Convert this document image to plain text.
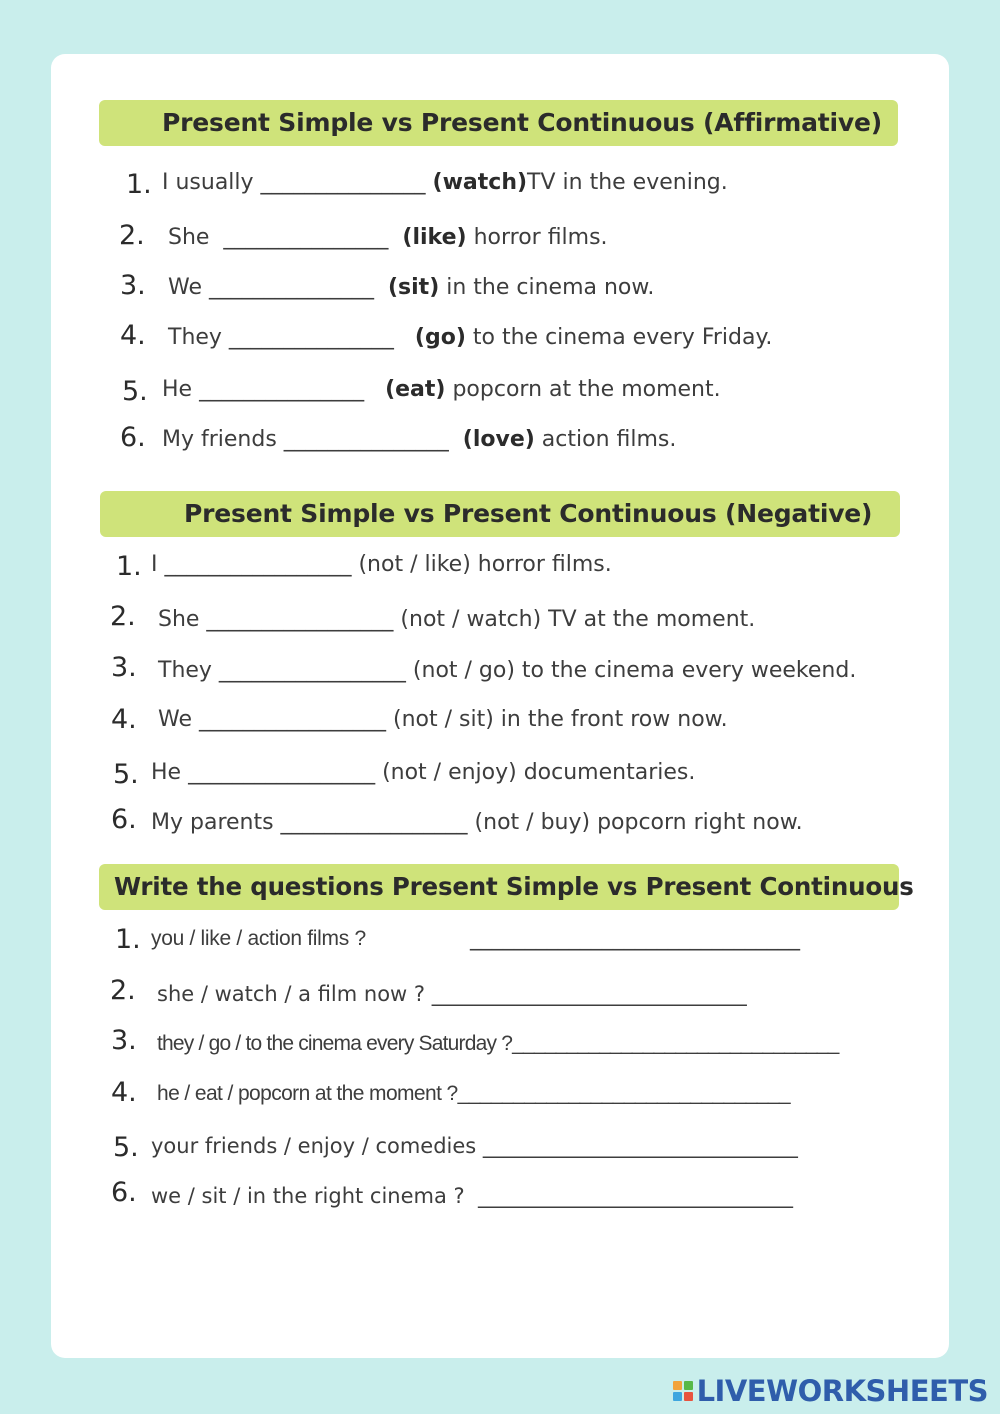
Present Simple vs Present Continuous (Affirmative)
1. I usually _______________ (watch)TV in the evening.
2. She  _______________  (like) horror films.
3. We _______________  (sit) in the cinema now.
4. They _______________   (go) to the cinema every Friday.
5. He _______________   (eat) popcorn at the moment.
6. My friends _______________  (love) action films.
Present Simple vs Present Continuous (Negative)
1. I _________________ (not / like) horror films.
2. She _________________ (not / watch) TV at the moment.
3. They _________________ (not / go) to the cinema every weekend.
4. We _________________ (not / sit) in the front row now.
5. He _________________ (not / enjoy) documentaries.
6. My parents _________________ (not / buy) popcorn right now.
Write the questions Present Simple vs Present Continuous
1. you / like / action films ?	______________________________
2. she / watch / a film now ? ______________________________
3. they / go / to the cinema every Saturday ?______________________________
4. he / eat / popcorn at the moment ?______________________________
5. your friends / enjoy / comedies ______________________________
6. we / sit / in the right cinema ?  ______________________________
LIVEWORKSHEETS
